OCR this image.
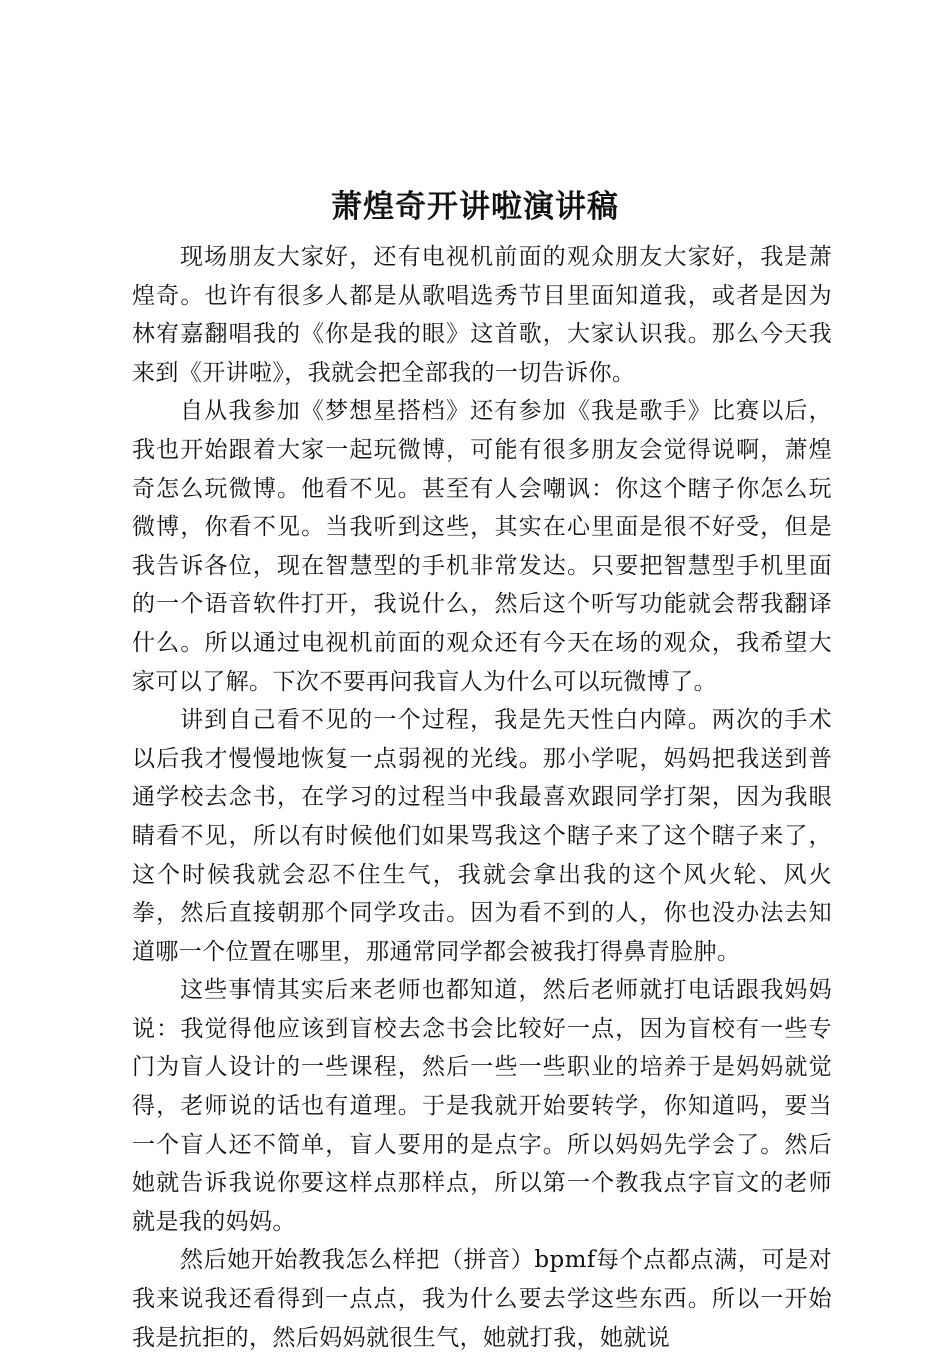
萧煌奇开讲啦演讲稿

现场朋友大家好，还有电视机前面的观众朋友大家好，我是萧煌奇。也许有很多人都是从歌唱选秀节目里面知道我，或者是因为林宥嘉翻唱我的《你是我的眼》这首歌，大家认识我。那么今天我来到《开讲啦》，我就会把全部我的一切告诉你。

自从我参加《梦想星搭档》还有参加《我是歌手》比赛以后，我也开始跟着大家一起玩微博，可能有很多朋友会觉得说啊，萧煌奇怎么玩微博。他看不见。甚至有人会嘲讽：你这个瞎子你怎么玩微博，你看不见。当我听到这些，其实在心里面是很不好受，但是我告诉各位，现在智慧型的手机非常发达。只要把智慧型手机里面的一个语音软件打开，我说什么，然后这个听写功能就会帮我翻译什么。所以通过电视机前面的观众还有今天在场的观众，我希望大家可以了解。下次不要再问我盲人为什么可以玩微博了。

讲到自己看不见的一个过程，我是先天性白内障。两次的手术以后我才慢慢地恢复一点弱视的光线。那小学呢，妈妈把我送到普通学校去念书，在学习的过程当中我最喜欢跟同学打架，因为我眼睛看不见，所以有时候他们如果骂我这个瞎子来了这个瞎子来了，这个时候我就会忍不住生气，我就会拿出我的这个风火轮、风火拳，然后直接朝那个同学攻击。因为看不到的人，你也没办法去知道哪一个位置在哪里，那通常同学都会被我打得鼻青脸肿。

这些事情其实后来老师也都知道，然后老师就打电话跟我妈妈说：我觉得他应该到盲校去念书会比较好一点，因为盲校有一些专门为盲人设计的一些课程，然后一些一些职业的培养于是妈妈就觉得，老师说的话也有道理。于是我就开始要转学，你知道吗，要当一个盲人还不简单，盲人要用的是点字。所以妈妈先学会了。然后她就告诉我说你要这样点那样点，所以第一个教我点字盲文的老师就是我的妈妈。

然后她开始教我怎么样把（拼音）bpmf每个点都点满，可是对我来说我还看得到一点点，我为什么要去学这些东西。所以一开始我是抗拒的，然后妈妈就很生气，她就打我，她就说
